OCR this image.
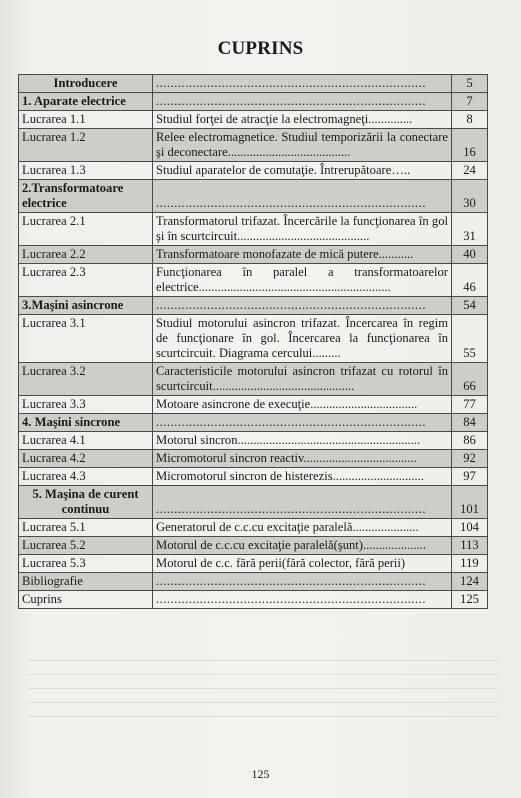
CUPRINS
Introducere	..........................................................................	5
1. Aparate electrice	..........................................................................	7
Lucrarea 1.1	Studiul forţei de atracţie la electromagneţi..............	8
Lucrarea 1.2	Relee electromagnetice. Studiul temporizării la conectare şi deconectare.......................................	16
Lucrarea 1.3	Studiul aparatelor de comutaţie. Întrerupătoare…..	24
2.Transformatoare electrice	..........................................................................	30
Lucrarea 2.1	Transformatorul trifazat. Încercările la funcţionarea în gol şi în scurtcircuit..........................................	31
Lucrarea 2.2	Transformatoare monofazate de mică putere...........	40
Lucrarea 2.3	Funcţionarea în paralel a transformatoarelor electrice.............................................................	46
3.Maşini asincrone	..........................................................................	54
Lucrarea 3.1	Studiul motorului asincron trifazat. Încercarea în regim de funcţionare în gol. Încercarea la funcţionarea în scurtcircuit. Diagrama cercului.........	55
Lucrarea 3.2	Caracteristicile motorului asincron trifazat cu rotorul în scurtcircuit.............................................	66
Lucrarea 3.3	Motoare asincrone de execuţie..................................	77
4. Maşini sincrone	..........................................................................	84
Lucrarea 4.1	Motorul sincron..........................................................	86
Lucrarea 4.2	Micromotorul sincron reactiv....................................	92
Lucrarea 4.3	Micromotorul sincron de histerezis.............................	97
5. Maşina de curent continuu	..........................................................................	101
Lucrarea 5.1	Generatorul de c.c.cu excitaţie paralelă.....................	104
Lucrarea 5.2	Motorul de c.c.cu excitaţie paralelă(şunt)....................	113
Lucrarea 5.3	Motorul de c.c. fără perii(fără colector, fără perii)	119
Bibliografie	..........................................................................	124
Cuprins	..........................................................................	125
125
